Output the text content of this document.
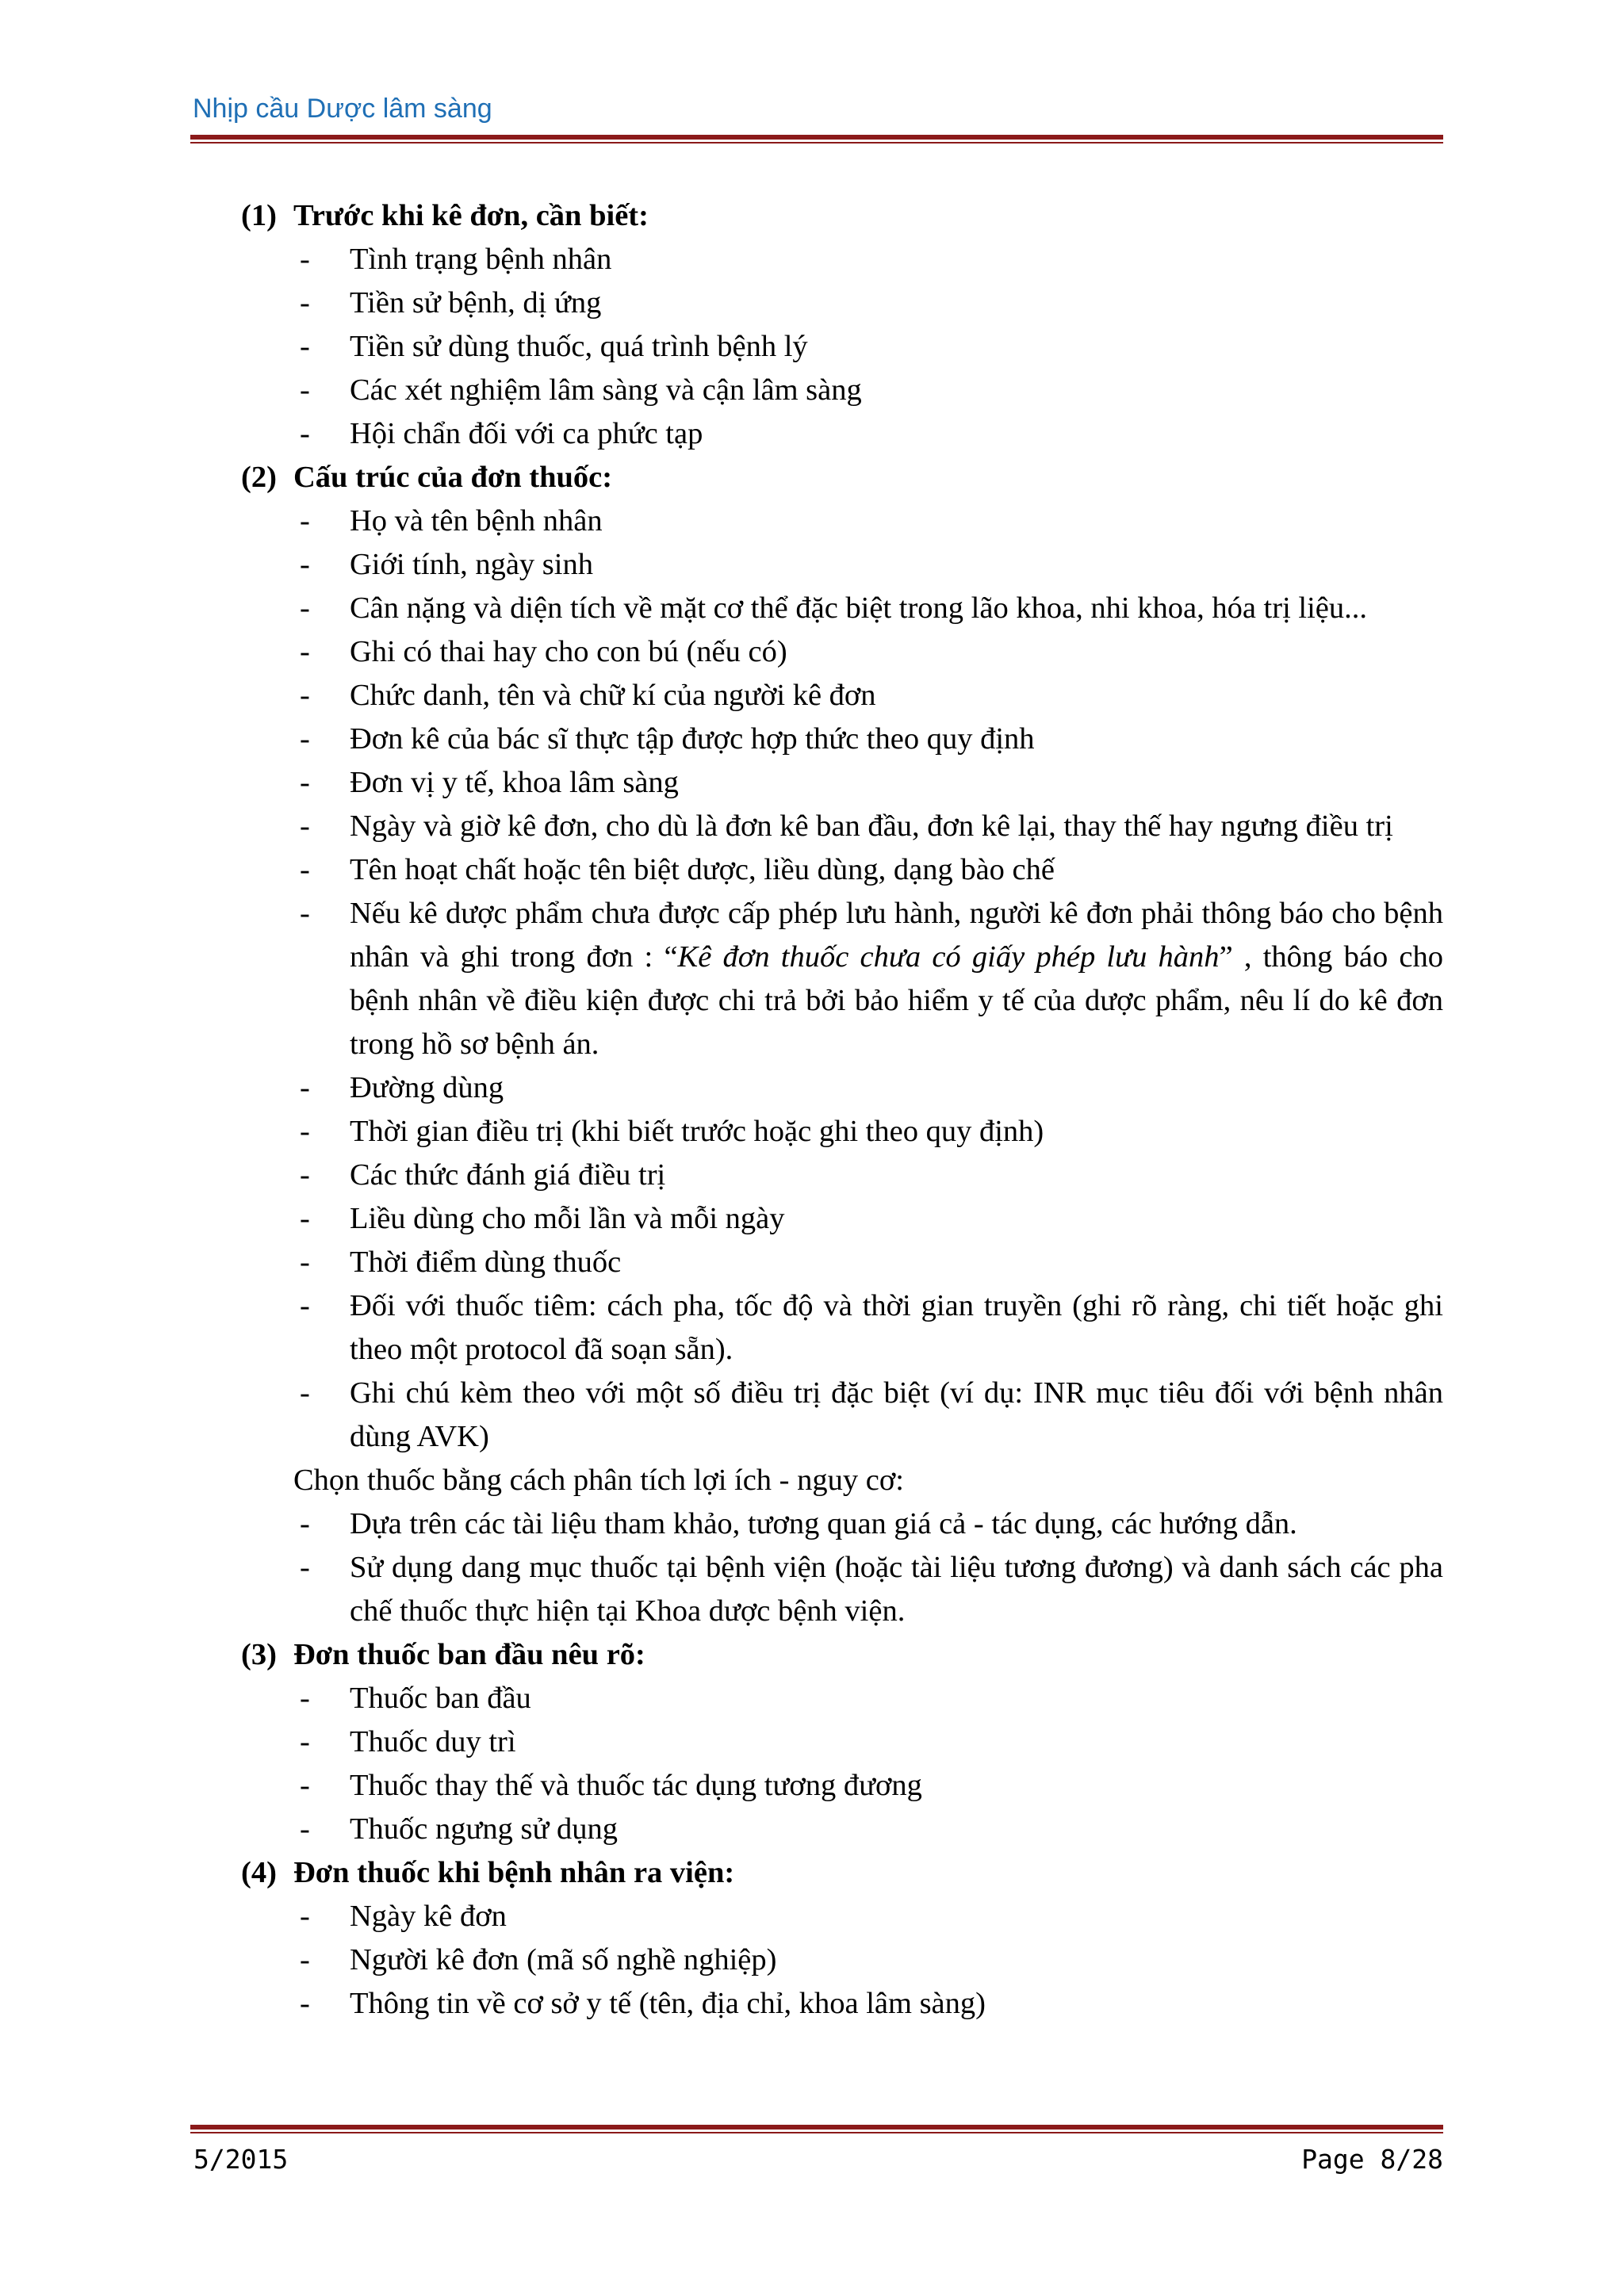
Nhịp cầu Dược lâm sàng
(1) Trước khi kê đơn, cần biết:
- Tình trạng bệnh nhân
- Tiền sử bệnh, dị ứng
- Tiền sử dùng thuốc, quá trình bệnh lý
- Các xét nghiệm lâm sàng và cận lâm sàng
- Hội chẩn đối với ca phức tạp
(2) Cấu trúc của đơn thuốc:
- Họ và tên bệnh nhân
- Giới tính, ngày sinh
- Cân nặng và diện tích về mặt cơ thể đặc biệt trong lão khoa, nhi khoa, hóa trị liệu...
- Ghi có thai hay cho con bú (nếu có)
- Chức danh, tên và chữ kí của người kê đơn
- Đơn kê của bác sĩ thực tập được hợp thức theo quy định
- Đơn vị y tế, khoa lâm sàng
- Ngày và giờ kê đơn, cho dù là đơn kê ban đầu, đơn kê lại, thay thế hay ngưng điều trị
- Tên hoạt chất hoặc tên biệt dược, liều dùng, dạng bào chế
- Nếu kê dược phẩm chưa được cấp phép lưu hành, người kê đơn phải thông báo cho bệnh nhân và ghi trong đơn : “Kê đơn thuốc chưa có giấy phép lưu hành” , thông báo cho bệnh nhân về điều kiện được chi trả bởi bảo hiểm y tế của dược phẩm, nêu lí do kê đơn trong hồ sơ bệnh án.
- Đường dùng
- Thời gian điều trị (khi biết trước hoặc ghi theo quy định)
- Các thức đánh giá điều trị
- Liều dùng cho mỗi lần và mỗi ngày
- Thời điểm dùng thuốc
- Đối với thuốc tiêm: cách pha, tốc độ và thời gian truyền (ghi rõ ràng, chi tiết hoặc ghi theo một protocol đã soạn sẵn).
- Ghi chú kèm theo với một số điều trị đặc biệt (ví dụ: INR mục tiêu đối với bệnh nhân dùng AVK)
Chọn thuốc bằng cách phân tích lợi ích - nguy cơ:
- Dựa trên các tài liệu tham khảo, tương quan giá cả - tác dụng, các hướng dẫn.
- Sử dụng dang mục thuốc tại bệnh viện (hoặc tài liệu tương đương) và danh sách các pha chế thuốc thực hiện tại Khoa dược bệnh viện.
(3) Đơn thuốc ban đầu nêu rõ:
- Thuốc ban đầu
- Thuốc duy trì
- Thuốc thay thế và thuốc tác dụng tương đương
- Thuốc ngưng sử dụng
(4) Đơn thuốc khi bệnh nhân ra viện:
- Ngày kê đơn
- Người kê đơn (mã số nghề nghiệp)
- Thông tin về cơ sở y tế (tên, địa chỉ, khoa lâm sàng)
5/2015	Page 8/28
